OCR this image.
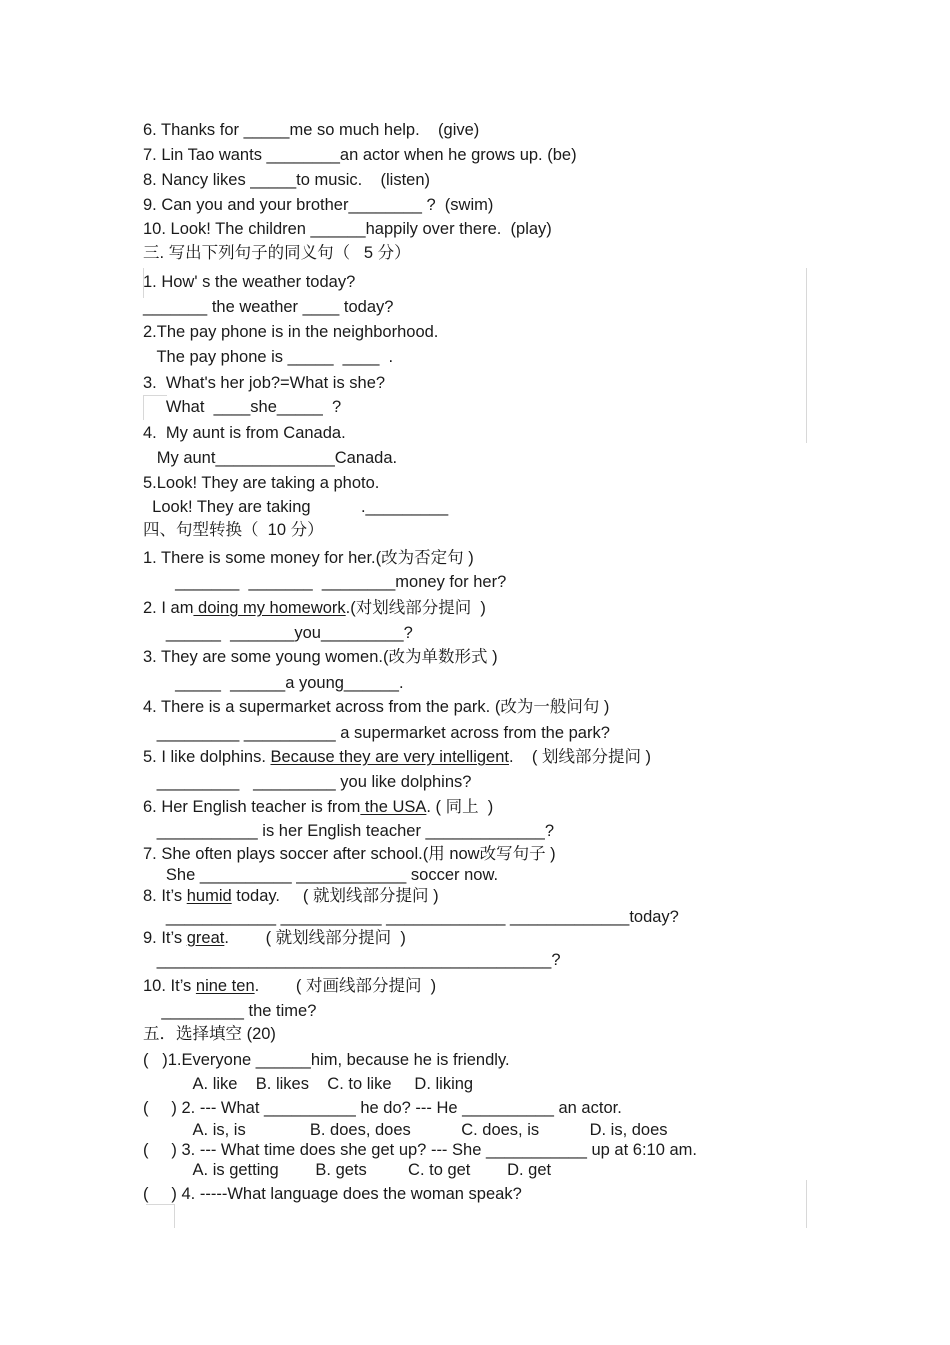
6. Thanks for _____me so much help.    (give)
7. Lin Tao wants ________an actor when he grows up. (be)
8. Nancy likes _____to music.    (listen)
9. Can you and your brother________ ?  (swim)
10. Look! The children ______happily over there.  (play)
三. 写出下列句子的同义句（   5 分）
1. How' s the weather today?
_______ the weather ____ today?
2.The pay phone is in the neighborhood.
The pay phone is _____  ____  .
3.  What's her job?=What is she?
What  ____she_____  ?
4.  My aunt is from Canada.
My aunt_____________Canada.
5.Look! They are taking a photo.
Look! They are taking           ._________
四、句型转换（  10 分）
1. There is some money for her.(改为否定句 )
_______  _______  ________money for her?
2. I am doing my homework.(对划线部分提问  )
______  _______you_________?
3. They are some young women.(改为单数形式 )
_____  ______a young______.
4. There is a supermarket across from the park. (改为一般问句 )
_________ __________ a supermarket across from the park?
5. I like dolphins. Because they are very intelligent.    ( 划线部分提问 )
_________   _________ you like dolphins?
6. Her English teacher is from the USA. ( 同上  )
___________ is her English teacher _____________?
7. She often plays soccer after school.(用 now改写句子 )
She __________ ____________ soccer now.
8. It’s humid today.     ( 就划线部分提问 )
____________ ___________ _____________ _____________today?
9. It’s great.        ( 就划线部分提问  )
___________________________________________?
10. It’s nine ten.        ( 对画线部分提问  )
_________ the time?
五．选择填空 (20)
(   )1.Everyone ______him, because he is friendly.
A. like    B. likes    C. to like     D. liking
(     ) 2. --- What __________ he do? --- He __________ an actor.
A. is, is              B. does, does           C. does, is           D. is, does
(     ) 3. --- What time does she get up? --- She ___________ up at 6:10 am.
A. is getting        B. gets         C. to get        D. get
(     ) 4. -----What language does the woman speak?
